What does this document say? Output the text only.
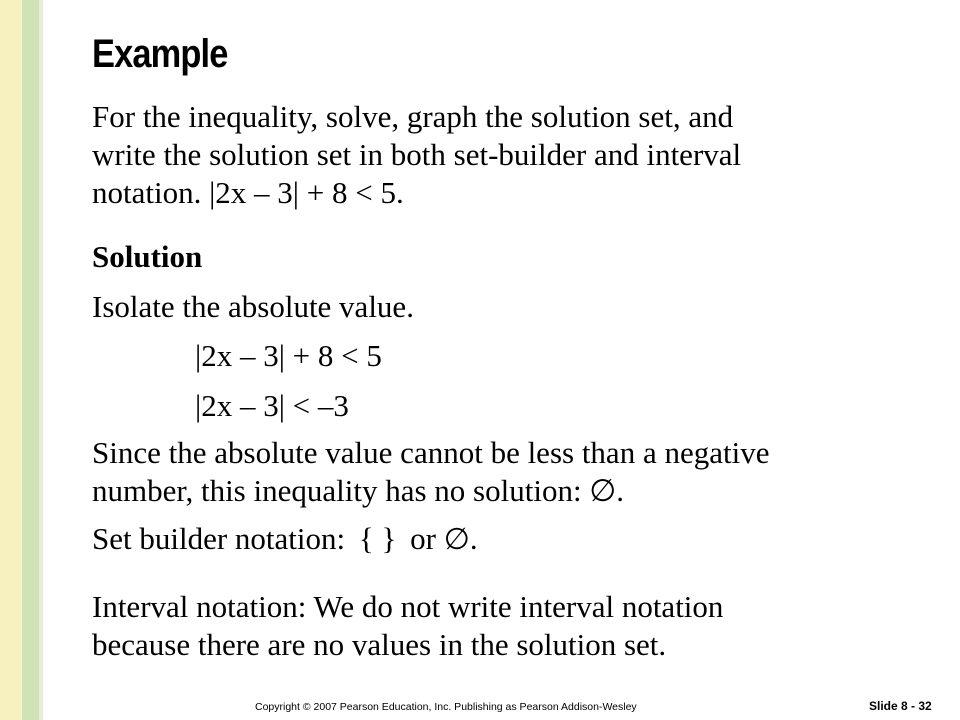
Example

For the inequality, solve, graph the solution set, and
write the solution set in both set-builder and interval
notation. |2x – 3| + 8 < 5.

Solution

Isolate the absolute value.

|2x – 3| + 8 < 5

|2x – 3| < –3

Since the absolute value cannot be less than a negative
number, this inequality has no solution: ∅.

Set builder notation: { } or ∅.

Interval notation: We do not write interval notation
because there are no values in the solution set.

Copyright © 2007 Pearson Education, Inc. Publishing as Pearson Addison-Wesley	Slide 8 - 32
